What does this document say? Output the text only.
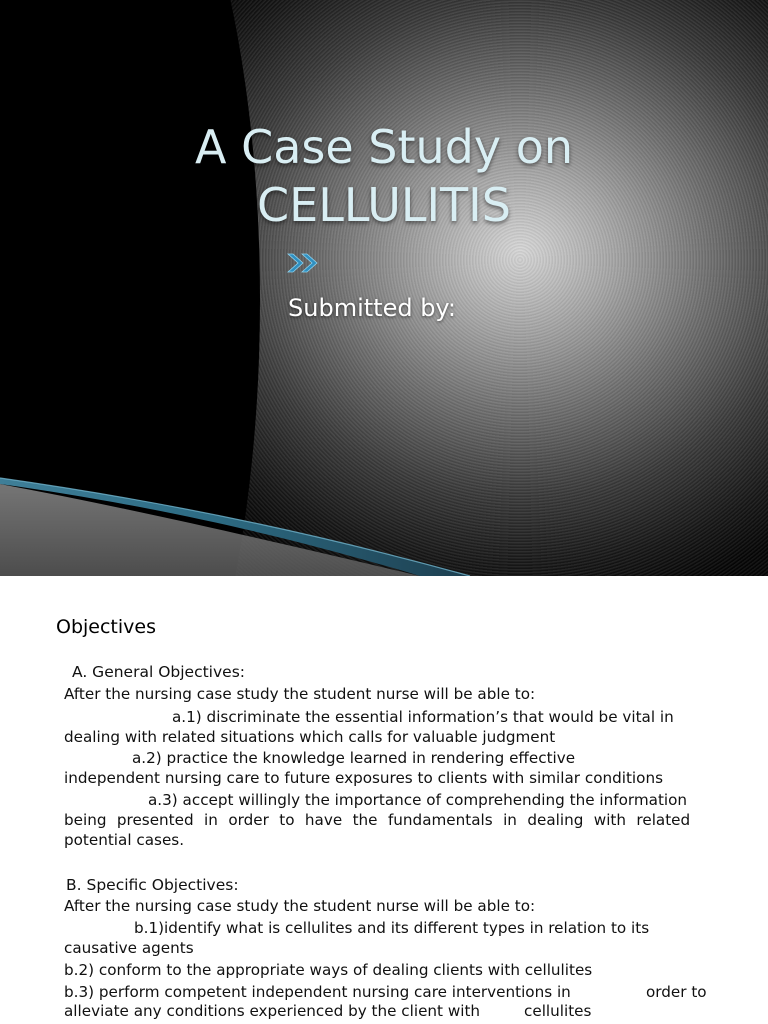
A Case Study on
CELLULITIS
Submitted by:
Objectives
A. General Objectives:
After the nursing case study the student nurse will be able to:
a.1) discriminate the essential information’s that would be vital in
dealing with related situations which calls for valuable judgment
a.2) practice the knowledge learned in rendering effective
independent nursing care to future exposures to clients with similar conditions
a.3) accept willingly the importance of comprehending the information
being presented in order to have the fundamentals in dealing with related
potential cases.
B. Specific Objectives:
After the nursing case study the student nurse will be able to:
b.1)identify what is cellulites and its different types in relation to its
causative agents
b.2) conform to the appropriate ways of dealing clients with cellulites
b.3) perform competent independent nursing care interventions in	order to
alleviate any conditions experienced by the client with	cellulites
